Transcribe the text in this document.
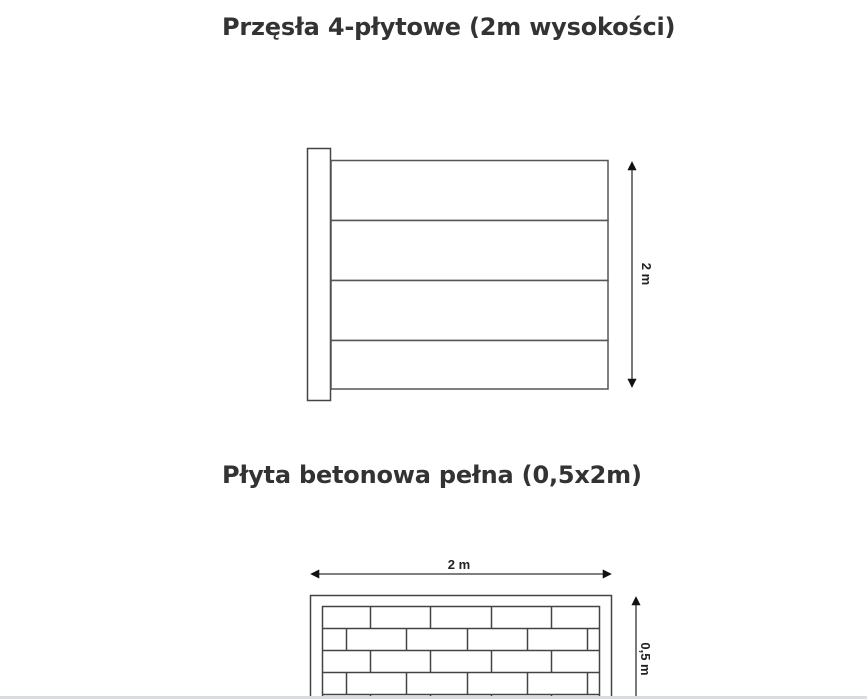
Przęsła 4-płytowe (2m wysokości)
2 m
2 m
0,5 m
Płyta betonowa pełna (0,5x2m)
